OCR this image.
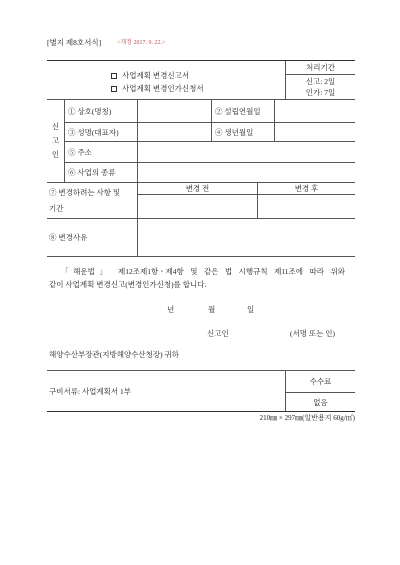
[별지 제8호서식]	<개정 2017. 9. 22.>
사업계획 변경신고서
사업계획 변경인가신청서
처리기간
신고: 2일
인가: 7일
신고인
① 상호(명칭)	② 설립연월일
③ 성명(대표자)	④ 생년월일
⑤ 주소
⑥ 사업의 종류
⑦ 변경하려는 사항 및
기간
변경 전	변경 후
⑧ 변경사유
「해운법」 제12조제1항ㆍ제4항 및 같은 법 시행규칙 제11조에 따라 위와
같이 사업계획 변경신고(변경인가신청)를 합니다.
년	월	일
신고인	(서명 또는 인)
해양수산부장관(지방해양수산청장) 귀하
구비서류: 사업계획서 1부
수수료
없음
210㎜ × 297㎜(일반용지 60g/㎡)
